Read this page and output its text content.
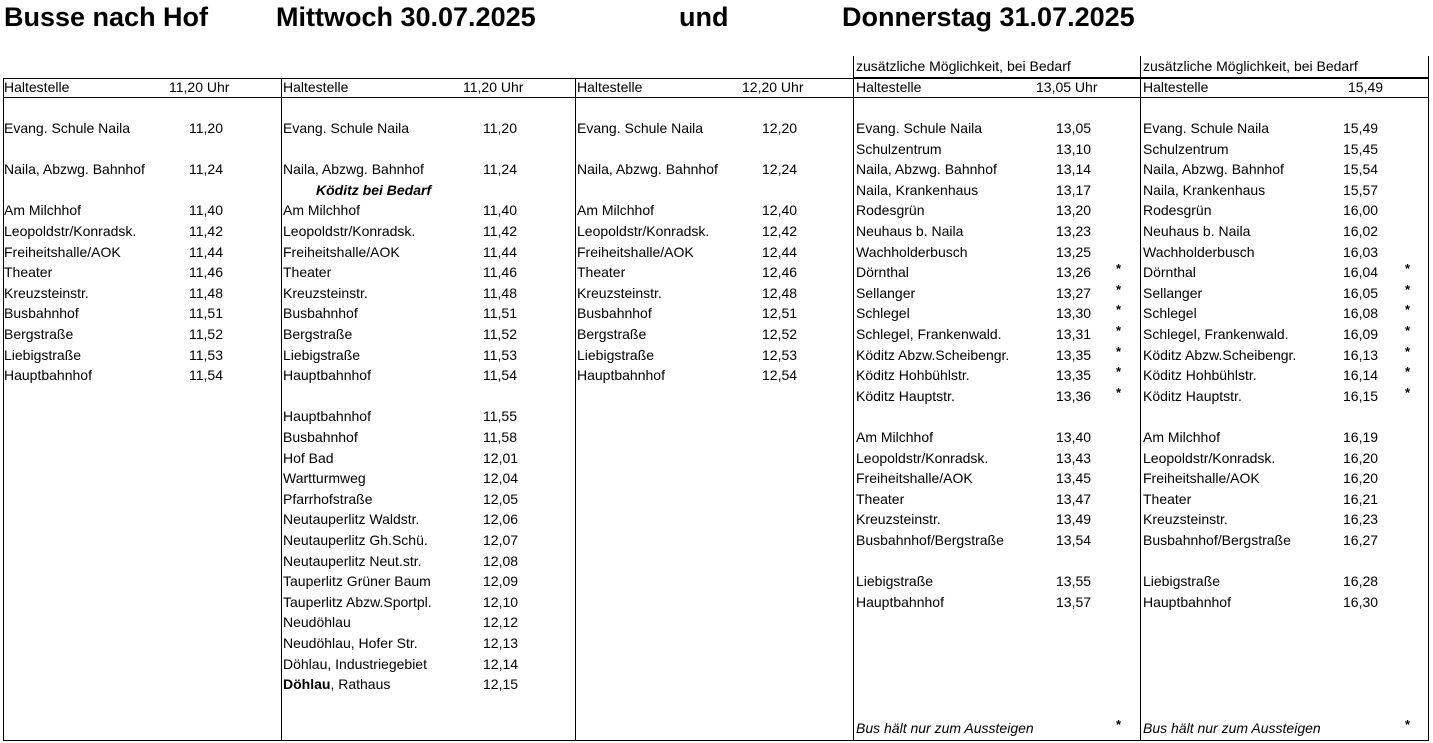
Busse nach Hof	Mittwoch 30.07.2025	und	Donnerstag 31.07.2025
Haltestelle	11,20 Uhr
Evang. Schule Naila	11,20
Naila, Abzwg. Bahnhof	11,24
Am Milchhof	11,40
Leopoldstr/Konradsk.	11,42
Freiheitshalle/AOK	11,44
Theater	11,46
Kreuzsteinstr.	11,48
Busbahnhof	11,51
Bergstraße	11,52
Liebigstraße	11,53
Hauptbahnhof	11,54
Haltestelle	11,20 Uhr
Evang. Schule Naila	11,20
Naila, Abzwg. Bahnhof	11,24
Am Milchhof	11,40
Leopoldstr/Konradsk.	11,42
Freiheitshalle/AOK	11,44
Theater	11,46
Kreuzsteinstr.	11,48
Busbahnhof	11,51
Bergstraße	11,52
Liebigstraße	11,53
Hauptbahnhof	11,54
Hauptbahnhof	11,55
Busbahnhof	11,58
Hof Bad	12,01
Wartturmweg	12,04
Pfarrhofstraße	12,05
Neutauperlitz Waldstr.	12,06
Neutauperlitz Gh.Schü.	12,07
Neutauperlitz Neut.str.	12,08
Tauperlitz Grüner Baum	12,09
Tauperlitz Abzw.Sportpl.	12,10
Neudöhlau	12,12
Neudöhlau, Hofer Str.	12,13
Döhlau, Industriegebiet	12,14
Döhlau, Rathaus	12,15
Köditz bei Bedarf
Haltestelle	12,20 Uhr
Evang. Schule Naila	12,20
Naila, Abzwg. Bahnhof	12,24
Am Milchhof	12,40
Leopoldstr/Konradsk.	12,42
Freiheitshalle/AOK	12,44
Theater	12,46
Kreuzsteinstr.	12,48
Busbahnhof	12,51
Bergstraße	12,52
Liebigstraße	12,53
Hauptbahnhof	12,54
zusätzliche Möglichkeit, bei Bedarf
Haltestelle	13,05 Uhr
Evang. Schule Naila	13,05
Schulzentrum	13,10
Naila, Abzwg. Bahnhof	13,14
Naila, Krankenhaus	13,17
Rodesgrün	13,20
Neuhaus b. Naila	13,23
Wachholderbusch	13,25
Dörnthal	13,26 *
Sellanger	13,27 *
Schlegel	13,30 *
Schlegel, Frankenwald.	13,31 *
Köditz Abzw.Scheibengr.	13,35 *
Köditz Hohbühlstr.	13,35 *
Köditz Hauptstr.	13,36 *
Am Milchhof	13,40
Leopoldstr/Konradsk.	13,43
Freiheitshalle/AOK	13,45
Theater	13,47
Kreuzsteinstr.	13,49
Busbahnhof/Bergstraße	13,54
Liebigstraße	13,55
Hauptbahnhof	13,57
Bus hält nur zum Aussteigen	*
zusätzliche Möglichkeit, bei Bedarf
Haltestelle	15,49
Evang. Schule Naila	15,49
Schulzentrum	15,45
Naila, Abzwg. Bahnhof	15,54
Naila, Krankenhaus	15,57
Rodesgrün	16,00
Neuhaus b. Naila	16,02
Wachholderbusch	16,03
Dörnthal	16,04 *
Sellanger	16,05 *
Schlegel	16,08 *
Schlegel, Frankenwald.	16,09 *
Köditz Abzw.Scheibengr.	16,13 *
Köditz Hohbühlstr.	16,14 *
Köditz Hauptstr.	16,15 *
Am Milchhof	16,19
Leopoldstr/Konradsk.	16,20
Freiheitshalle/AOK	16,20
Theater	16,21
Kreuzsteinstr.	16,23
Busbahnhof/Bergstraße	16,27
Liebigstraße	16,28
Hauptbahnhof	16,30
Bus hält nur zum Aussteigen	*
